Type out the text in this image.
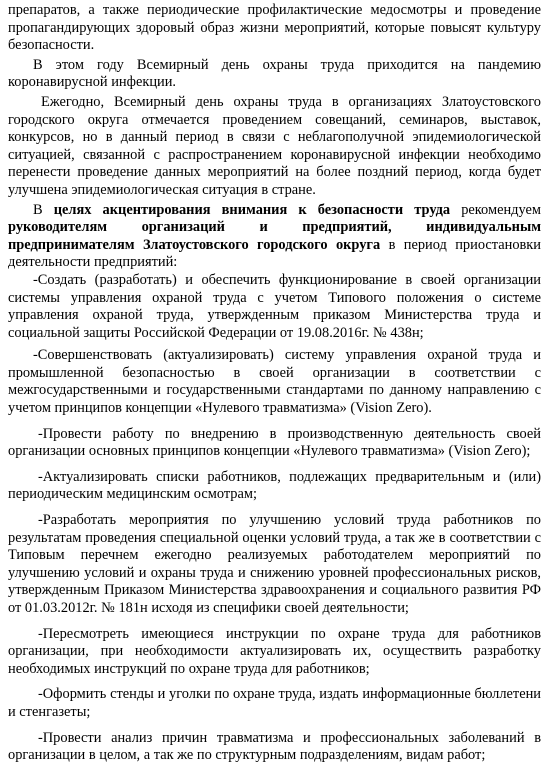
препаратов, а также периодические профилактические медосмотры и проведение пропагандирующих здоровый образ жизни мероприятий, которые повысят культуру безопасности.

В этом году Всемирный день охраны труда приходится на пандемию коронавирусной инфекции.

Ежегодно, Всемирный день охраны труда в организациях Златоустовского городского округа отмечается проведением совещаний, семинаров, выставок, конкурсов, но в данный период в связи с неблагополучной эпидемиологической ситуацией, связанной с распространением коронавирусной инфекции необходимо перенести проведение данных мероприятий на более поздний период, когда будет улучшена эпидемиологическая ситуация в стране.

В целях акцентирования внимания к безопасности труда рекомендуем руководителям организаций и предприятий, индивидуальным предпринимателям Златоустовского городского округа в период приостановки деятельности предприятий:

-Создать (разработать) и обеспечить функционирование в своей организации системы управления охраной труда с учетом Типового положения о системе управления охраной труда, утвержденным приказом Министерства труда и социальной защиты Российской Федерации от 19.08.2016г. № 438н;

-Совершенствовать (актуализировать) систему управления охраной труда и промышленной безопасностью в своей организации в соответствии с межгосударственными и государственными стандартами по данному направлению с учетом принципов концепции «Нулевого травматизма» (Vision Zero).

-Провести работу по внедрению в производственную деятельность своей организации основных принципов концепции «Нулевого травматизма» (Vision Zero);

-Актуализировать списки работников, подлежащих предварительным и (или) периодическим медицинским осмотрам;

-Разработать мероприятия по улучшению условий труда работников по результатам проведения специальной оценки условий труда, а так же в соответствии с Типовым перечнем ежегодно реализуемых работодателем мероприятий по улучшению условий и охраны труда и снижению уровней профессиональных рисков, утвержденным Приказом Министерства здравоохранения и социального развития РФ от 01.03.2012г. № 181н исходя из специфики своей деятельности;

-Пересмотреть имеющиеся инструкции по охране труда для работников организации, при необходимости актуализировать их, осуществить разработку необходимых инструкций по охране труда для работников;

-Оформить стенды и уголки по охране труда, издать информационные бюллетени и стенгазеты;

-Провести анализ причин травматизма и профессиональных заболеваний в организации в целом, а так же по структурным подразделениям, видам работ;
